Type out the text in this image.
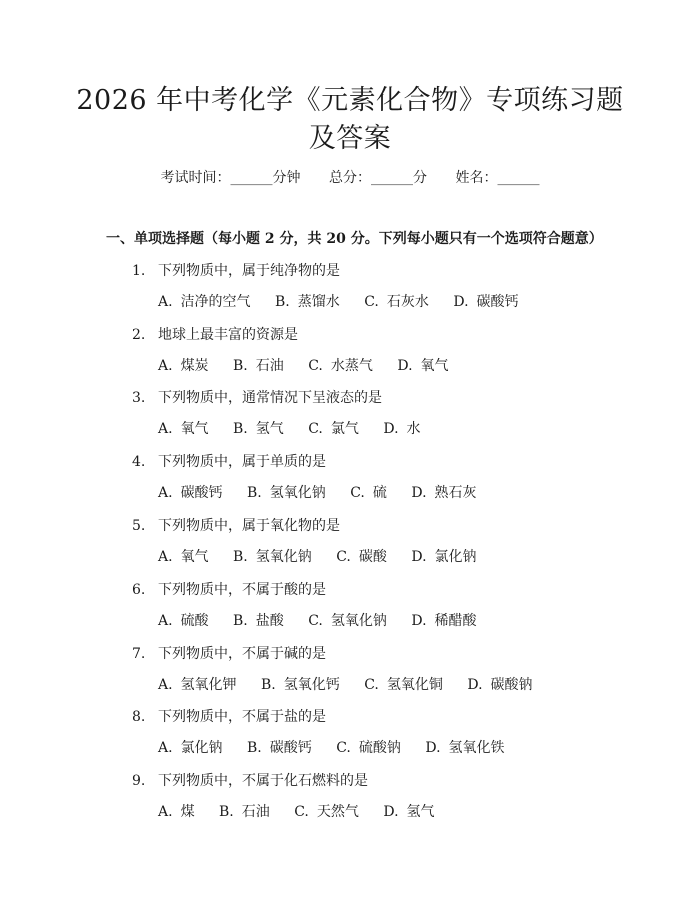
2026 年中考化学《元素化合物》专项练习题
及答案
考试时间：______分钟 总分：______分 姓名：______
一、单项选择题（每小题 2 分，共 20 分。下列每小题只有一个选项符合题意）
1. 下列物质中，属于纯净物的是
A. 洁净的空气 B. 蒸馏水 C. 石灰水 D. 碳酸钙
2. 地球上最丰富的资源是
A. 煤炭 B. 石油 C. 水蒸气 D. 氧气
3. 下列物质中，通常情况下呈液态的是
A. 氧气 B. 氢气 C. 氯气 D. 水
4. 下列物质中，属于单质的是
A. 碳酸钙 B. 氢氧化钠 C. 硫 D. 熟石灰
5. 下列物质中，属于氧化物的是
A. 氧气 B. 氢氧化钠 C. 碳酸 D. 氯化钠
6. 下列物质中，不属于酸的是
A. 硫酸 B. 盐酸 C. 氢氧化钠 D. 稀醋酸
7. 下列物质中，不属于碱的是
A. 氢氧化钾 B. 氢氧化钙 C. 氢氧化铜 D. 碳酸钠
8. 下列物质中，不属于盐的是
A. 氯化钠 B. 碳酸钙 C. 硫酸钠 D. 氢氧化铁
9. 下列物质中，不属于化石燃料的是
A. 煤 B. 石油 C. 天然气 D. 氢气
